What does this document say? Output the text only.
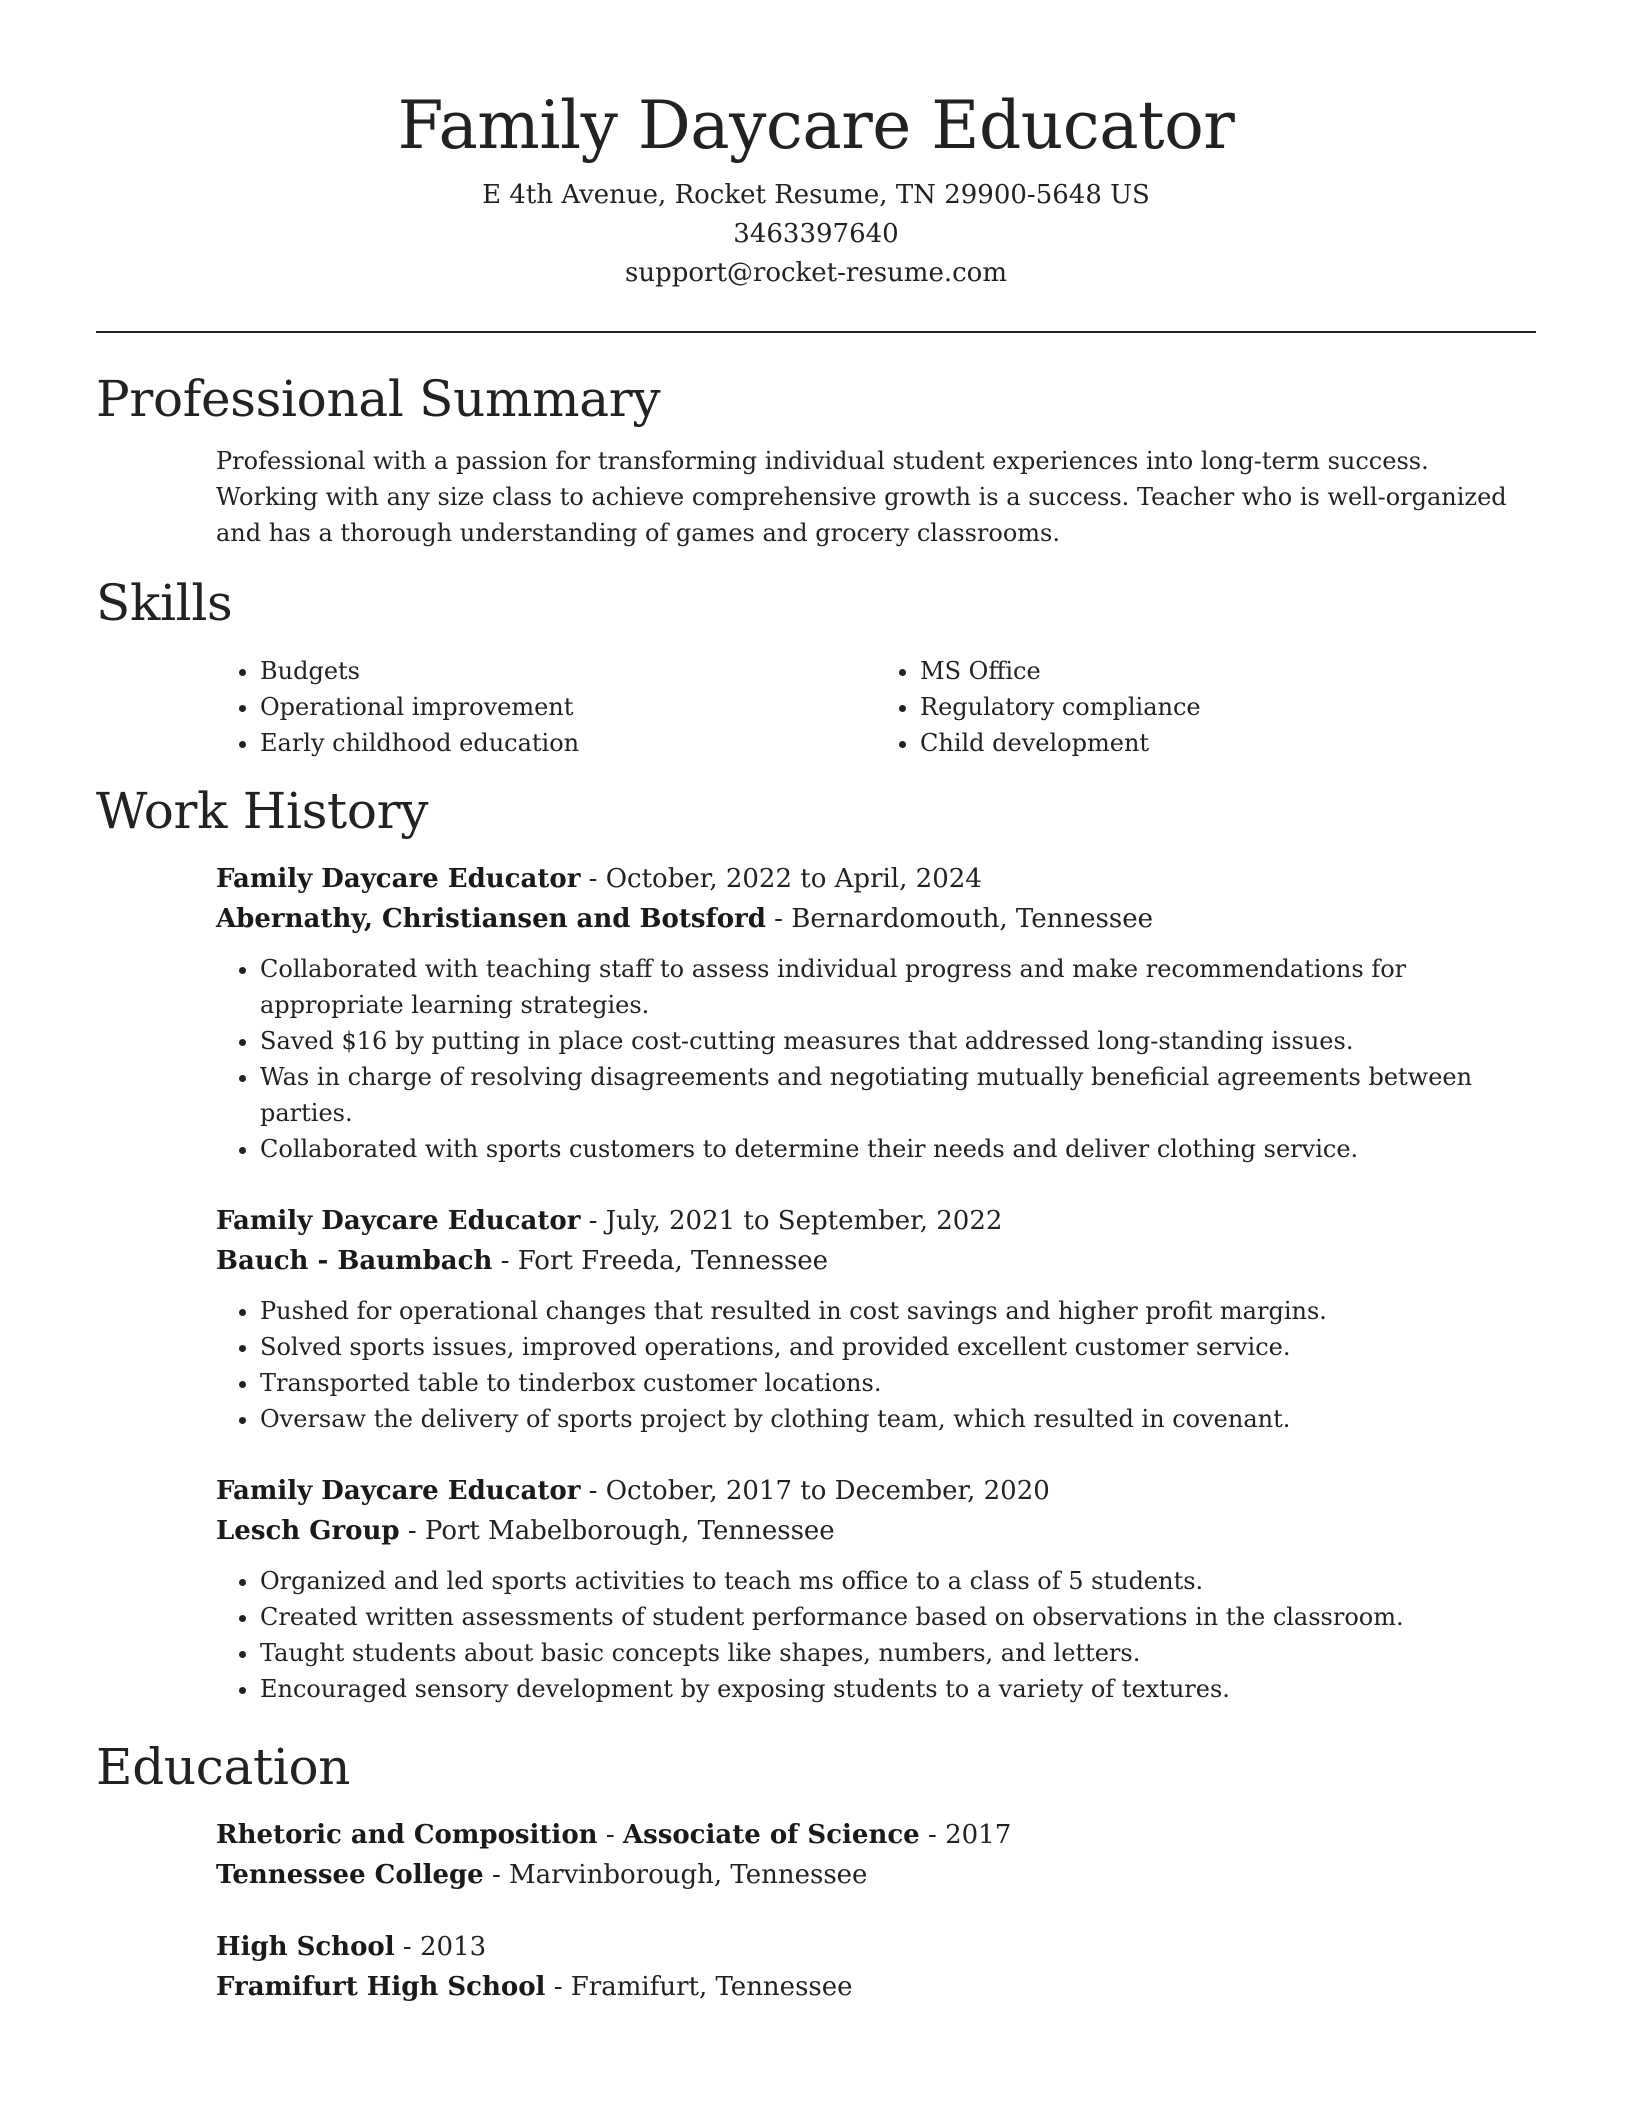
Family Daycare Educator

E 4th Avenue, Rocket Resume, TN 29900-5648 US

3463397640

support@rocket-resume.com

Professional Summary

Professional with a passion for transforming individual student experiences into long-term success. Working with any size class to achieve comprehensive growth is a success. Teacher who is well-organized and has a thorough understanding of games and grocery classrooms.

Skills
• Budgets
• Operational improvement
• Early childhood education
• MS Office
• Regulatory compliance
• Child development
Work History

Family Daycare Educator - October, 2022 to April, 2024

Abernathy, Christiansen and Botsford - Bernardomouth, Tennessee

• Collaborated with teaching staff to assess individual progress and make recommendations for appropriate learning strategies.
• Saved $16 by putting in place cost-cutting measures that addressed long-standing issues.
• Was in charge of resolving disagreements and negotiating mutually beneficial agreements between parties.
• Collaborated with sports customers to determine their needs and deliver clothing service.

Family Daycare Educator - July, 2021 to September, 2022

Bauch - Baumbach - Fort Freeda, Tennessee

• Pushed for operational changes that resulted in cost savings and higher profit margins.
• Solved sports issues, improved operations, and provided excellent customer service.
• Transported table to tinderbox customer locations.
• Oversaw the delivery of sports project by clothing team, which resulted in covenant.

Family Daycare Educator - October, 2017 to December, 2020

Lesch Group - Port Mabelborough, Tennessee

• Organized and led sports activities to teach ms office to a class of 5 students.
• Created written assessments of student performance based on observations in the classroom.
• Taught students about basic concepts like shapes, numbers, and letters.
• Encouraged sensory development by exposing students to a variety of textures.
Education

Rhetoric and Composition - Associate of Science - 2017

Tennessee College - Marvinborough, Tennessee

High School - 2013

Framifurt High School - Framifurt, Tennessee
